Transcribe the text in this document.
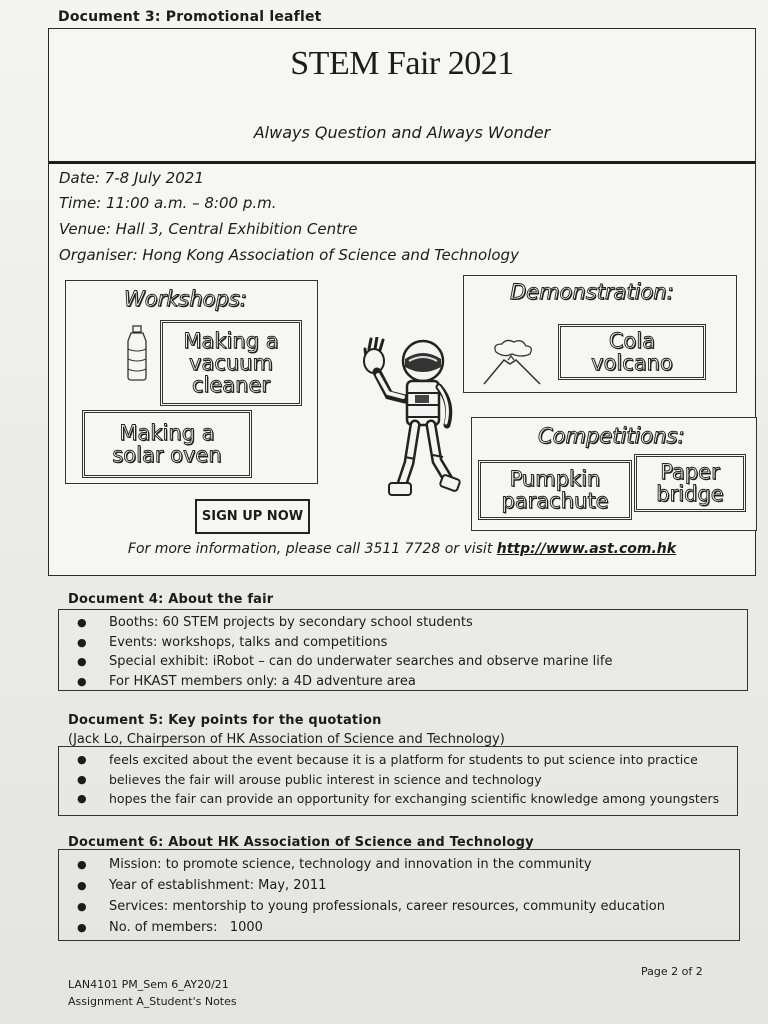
Document 3: Promotional leaflet
STEM Fair 2021
Always Question and Always Wonder
Date: 7-8 July 2021
Time: 11:00 a.m. – 8:00 p.m.
Venue: Hall 3, Central Exhibition Centre
Organiser: Hong Kong Association of Science and Technology
Workshops:
Making a
vacuum
cleaner
Making a
solar oven
Demonstration:
Cola
volcano
Competitions:
Pumpkin
parachute
Paper
bridge
SIGN UP NOW
For more information, please call 3511 7728 or visit http://www.ast.com.hk
Document 4: About the fair
● Booths: 60 STEM projects by secondary school students
● Events: workshops, talks and competitions
● Special exhibit: iRobot – can do underwater searches and observe marine life
● For HKAST members only: a 4D adventure area
Document 5: Key points for the quotation
(Jack Lo, Chairperson of HK Association of Science and Technology)
● feels excited about the event because it is a platform for students to put science into practice
● believes the fair will arouse public interest in science and technology
● hopes the fair can provide an opportunity for exchanging scientific knowledge among youngsters
Document 6: About HK Association of Science and Technology
● Mission: to promote science, technology and innovation in the community
● Year of establishment: May, 2011
● Services: mentorship to young professionals, career resources, community education
● No. of members:   1000
LAN4101 PM_Sem 6_AY20/21
Assignment A_Student's Notes
Page 2 of 2
